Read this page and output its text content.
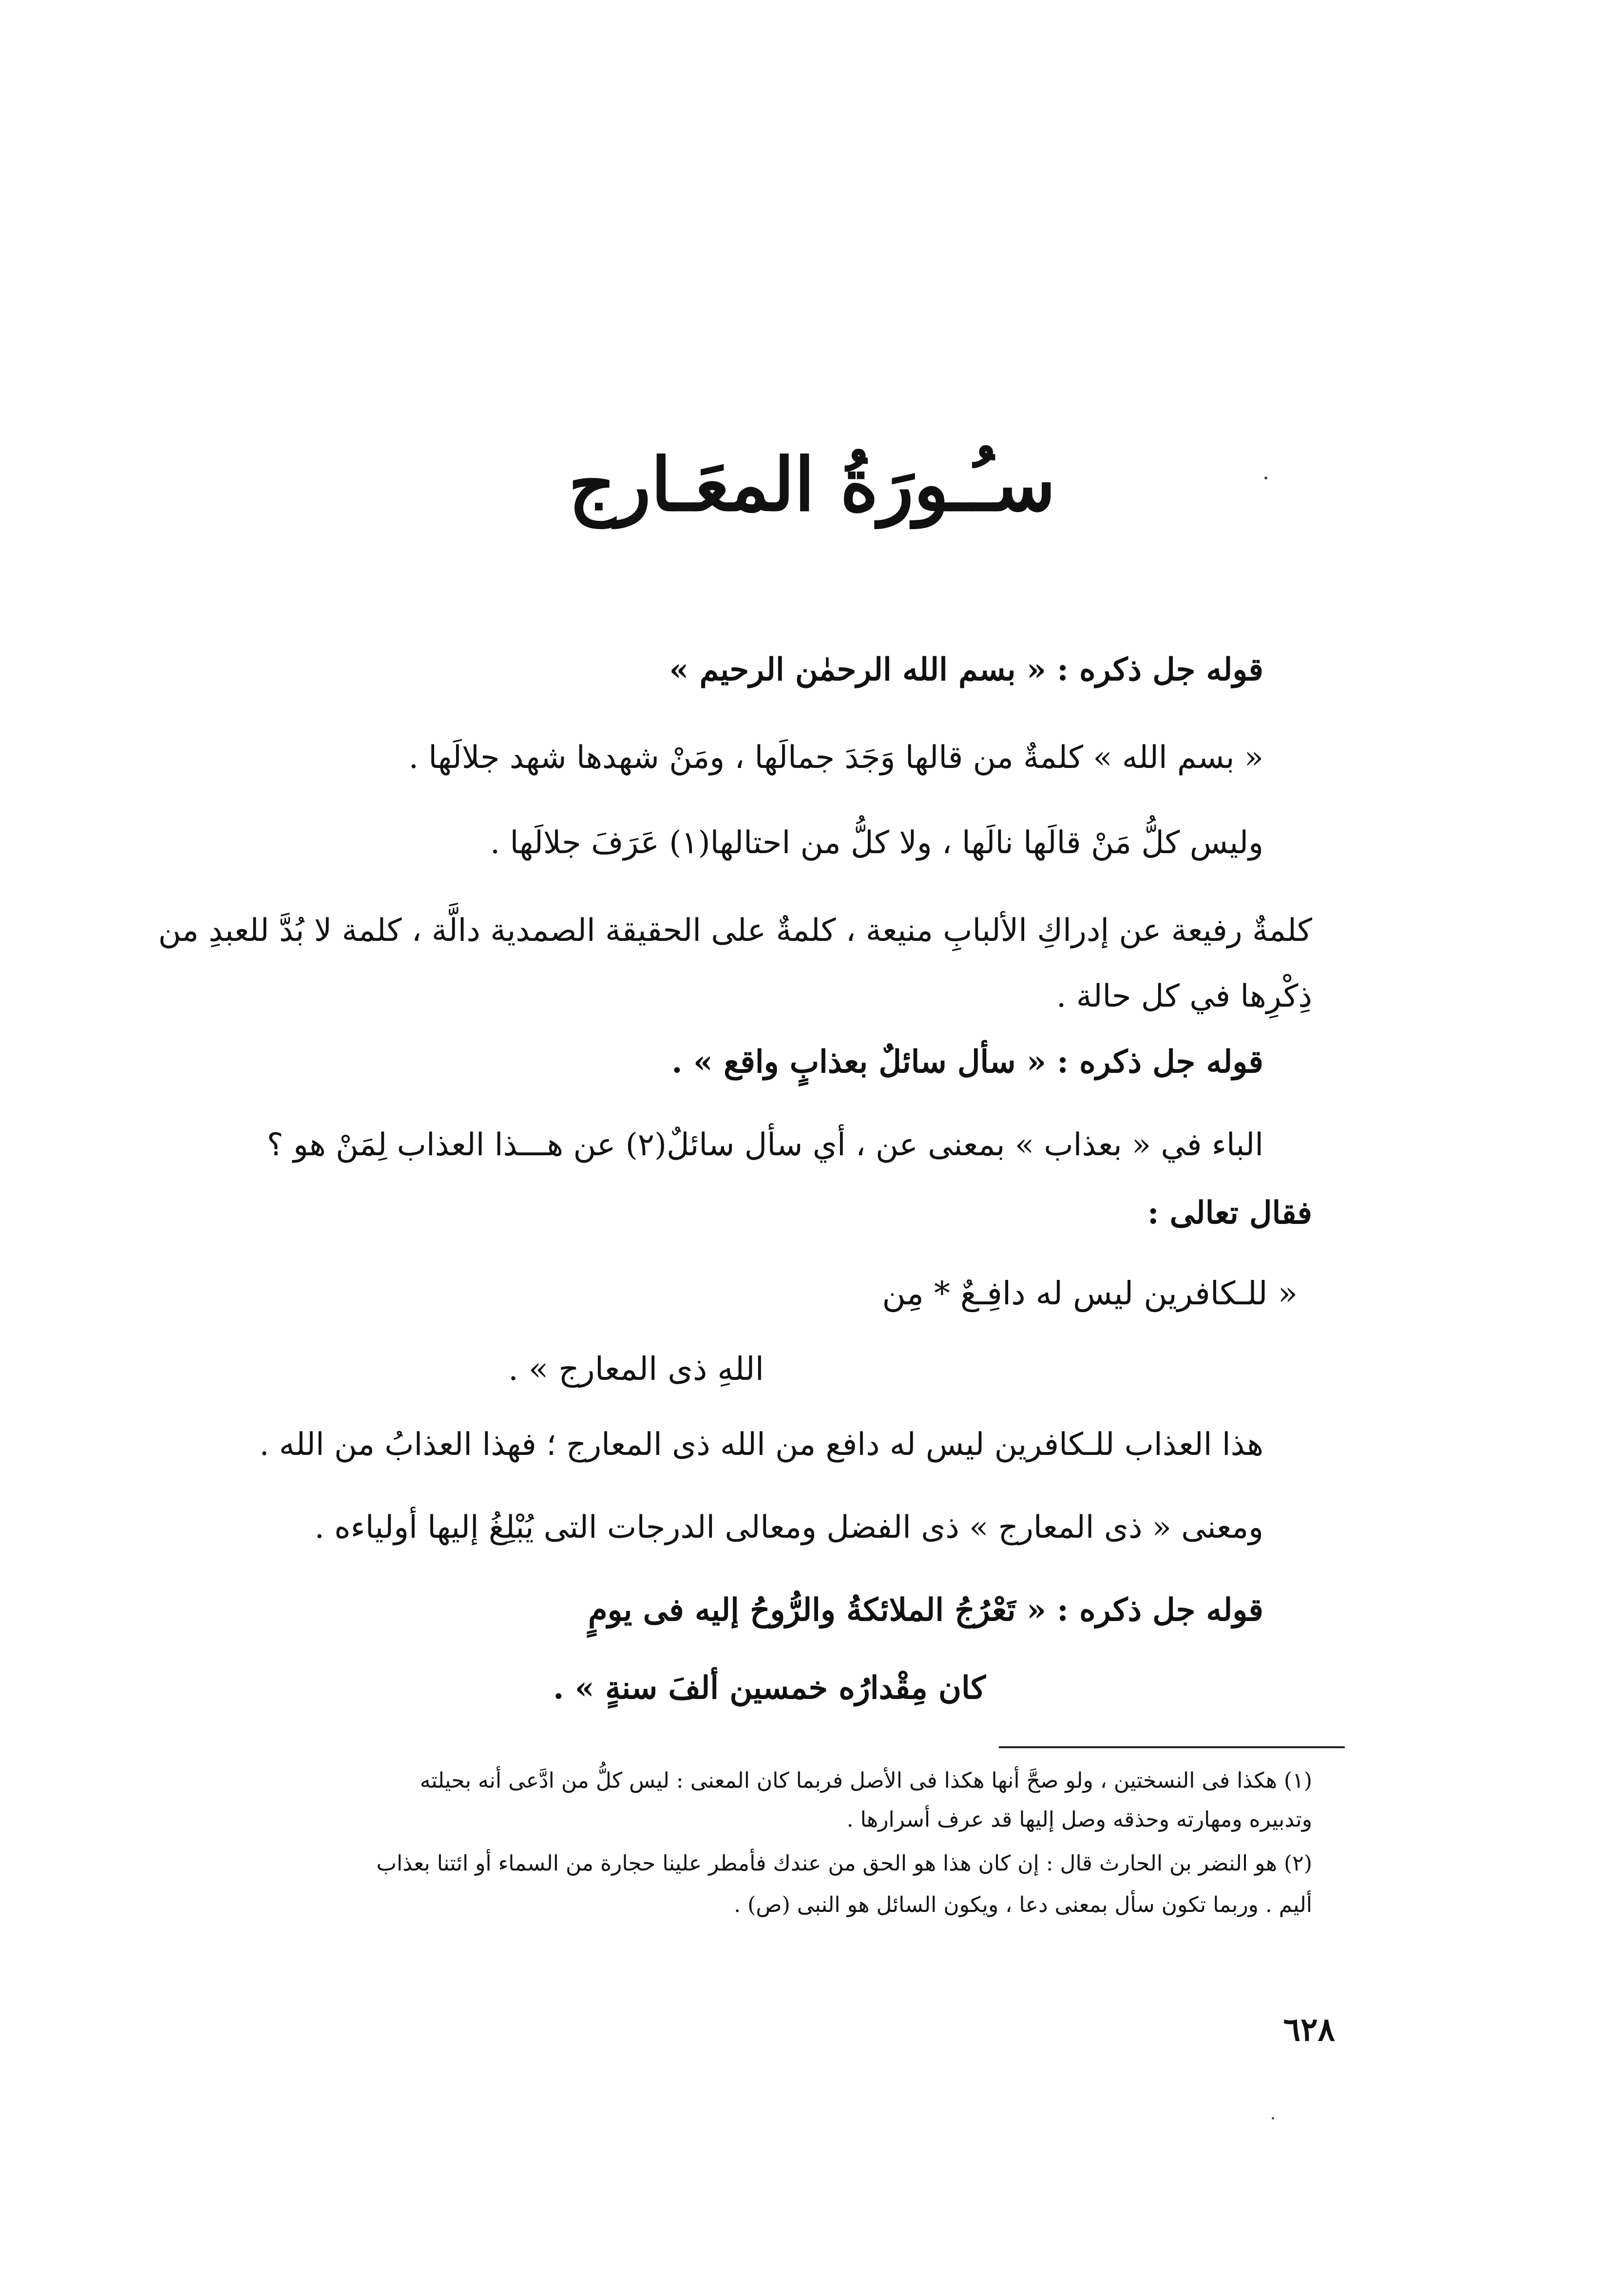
سـُـورَةُ المعَـارج

قوله جل ذكره : « بسم الله الرحمٰن الرحيم »

« بسم الله » كلمةٌ من قالها وَجَدَ جمالَها ، ومَنْ شهدها شهد جلالَها .

وليس كلُّ مَنْ قالَها نالَها ، ولا كلُّ من احتالها(١) عَرَفَ جلالَها .

كلمةٌ رفيعة عن إدراكِ الألبابِ منيعة ، كلمةٌ على الحقيقة الصمدية دالَّة ، كلمة لا بُدَّ للعبدِ من

ذِكْرِها في كل حالة .

قوله جل ذكره : « سأل سائلٌ بعذابٍ واقع » .

الباء في « بعذاب » بمعنى عن ، أي سأل سائلٌ(٢) عن هـــذا العذاب لِمَنْ هو ؟

فقال تعالى :

« للـكافرين ليس له دافِـعٌ * مِن

اللهِ ذى المعارج » .

هذا العذاب للـكافرين ليس له دافع من الله ذى المعارج ؛ فهذا العذابُ من الله .

ومعنى « ذى المعارج » ذى الفضل ومعالى الدرجات التى يُبْلِغُ إليها أولياءه .

قوله جل ذكره : « تَعْرُجُ الملائكةُ والرُّوحُ إليه فى يومٍ

كان مِقْدارُه خمسين ألفَ سنةٍ » .

(١) هكذا فى النسختين ، ولو صحَّ أنها هكذا فى الأصل فربما كان المعنى : ليس كلُّ من ادَّعى أنه بحيلته

وتدبيره ومهارته وحذقه وصل إليها قد عرف أسرارها .

(٢) هو النضر بن الحارث قال : إن كان هذا هو الحق من عندك فأمطر علينا حجارة من السماء أو ائتنا بعذاب

أليم . وربما تكون سأل بمعنى دعا ، ويكون السائل هو النبى (ص) .

٦٢٨
